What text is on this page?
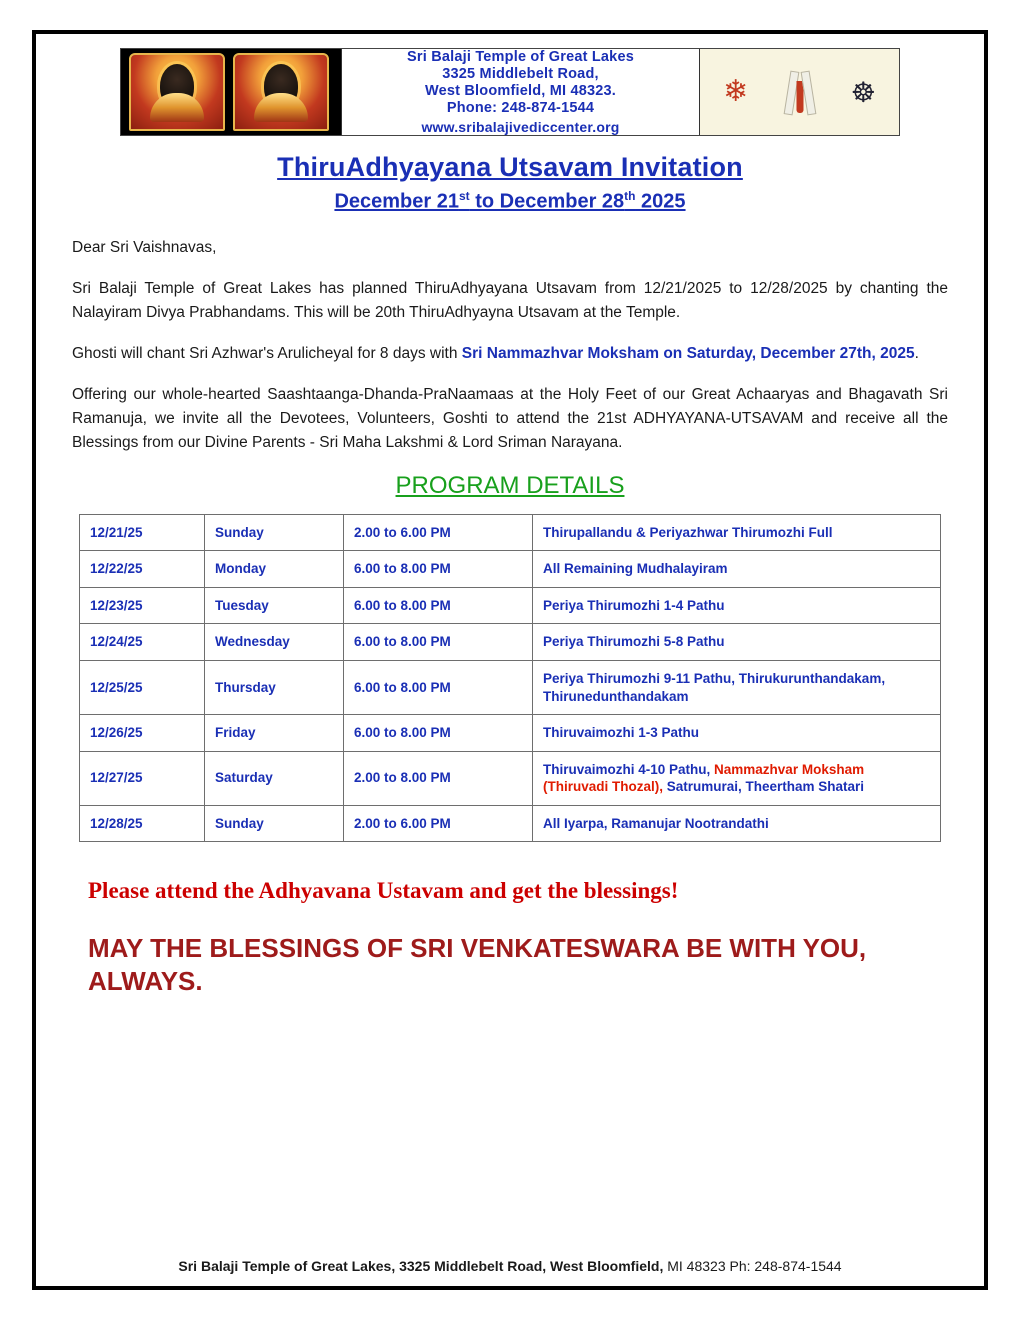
Sri Balaji Temple of Great Lakes
3325 Middlebelt Road,
West Bloomfield, MI 48323.
Phone: 248-874-1544
www.sribalajivediccenter.org
❄	☸
ThiruAdhyayana Utsavam Invitation
December 21st to December 28th 2025

Dear Sri Vaishnavas,

Sri Balaji Temple of Great Lakes has planned ThiruAdhyayana Utsavam from 12/21/2025 to 12/28/2025 by chanting the Nalayiram Divya Prabhandams. This will be 20th ThiruAdhyayna Utsavam at the Temple.

Ghosti will chant Sri Azhwar's Arulicheyal for 8 days with Sri Nammazhvar Moksham on Saturday, December 27th, 2025.

Offering our whole-hearted Saashtaanga-Dhanda-PraNaamaas at the Holy Feet of our Great Achaaryas and Bhagavath Sri Ramanuja, we invite all the Devotees, Volunteers, Goshti to attend the 21st ADHYAYANA-UTSAVAM and receive all the Blessings from our Divine Parents - Sri Maha Lakshmi & Lord Sriman Narayana.

PROGRAM DETAILS
12/21/25	Sunday	2.00 to 6.00 PM	Thirupallandu & Periyazhwar Thirumozhi Full
12/22/25	Monday	6.00 to 8.00 PM	All Remaining Mudhalayiram
12/23/25	Tuesday	6.00 to 8.00 PM	Periya Thirumozhi 1-4 Pathu
12/24/25	Wednesday	6.00 to 8.00 PM	Periya Thirumozhi 5-8 Pathu
12/25/25	Thursday	6.00 to 8.00 PM	Periya Thirumozhi 9-11 Pathu, Thirukurunthandakam, Thirunedunthandakam
12/26/25	Friday	6.00 to 8.00 PM	Thiruvaimozhi 1-3 Pathu
12/27/25	Saturday	2.00 to 8.00 PM	Thiruvaimozhi 4-10 Pathu, Nammazhvar Moksham (Thiruvadi Thozal), Satrumurai, Theertham Shatari
12/28/25	Sunday	2.00 to 6.00 PM	All Iyarpa, Ramanujar Nootrandathi
Please attend the Adhyavana Ustavam and get the blessings!
MAY THE BLESSINGS OF SRI VENKATESWARA BE WITH YOU, ALWAYS.
Sri Balaji Temple of Great Lakes, 3325 Middlebelt Road, West Bloomfield, MI 48323 Ph: 248-874-1544
